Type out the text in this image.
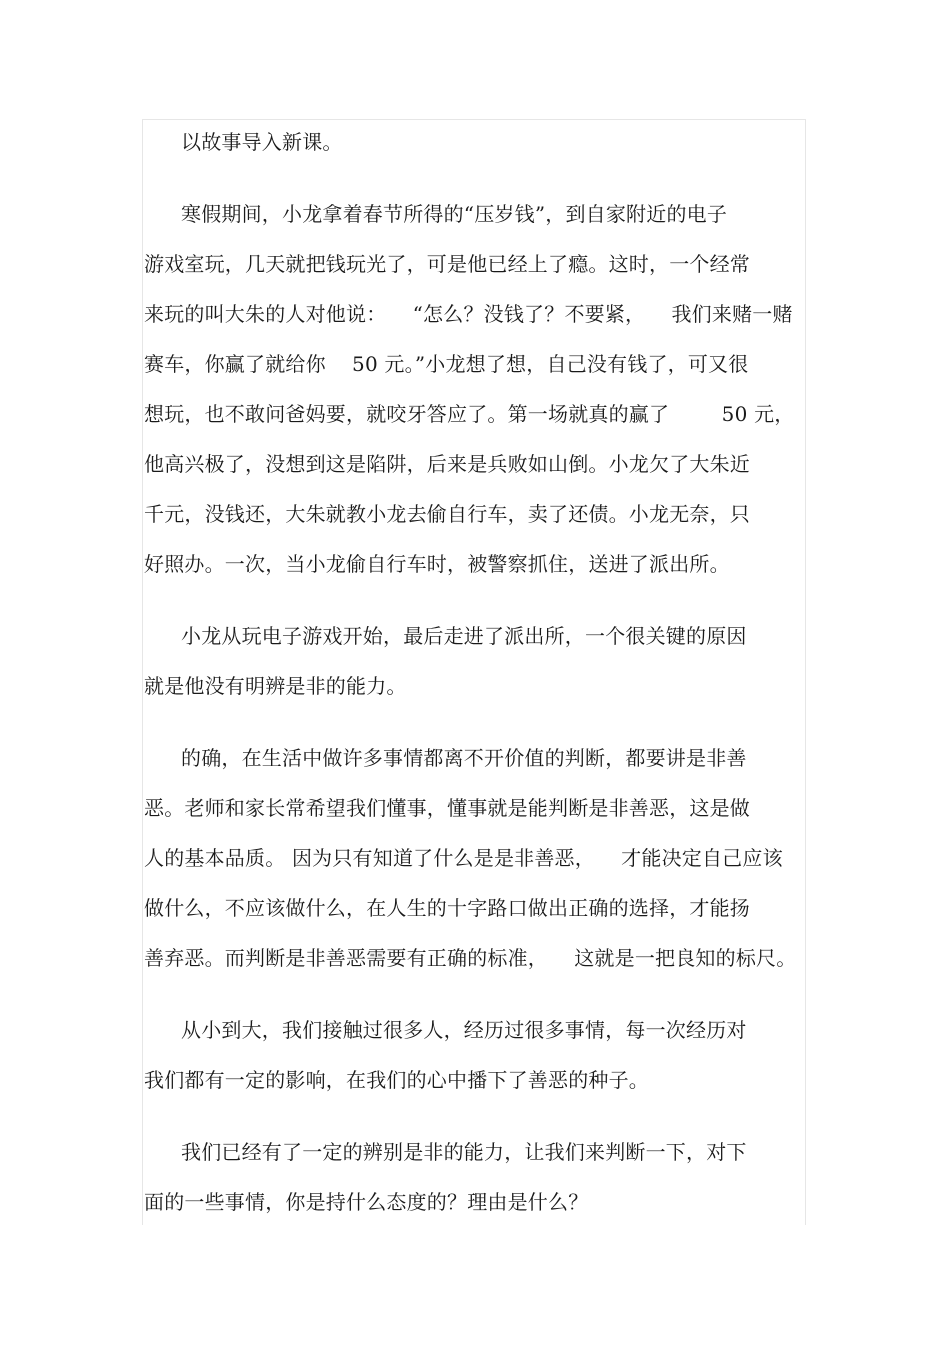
以故事导入新课。
寒假期间，小龙拿着春节所得的“压岁钱”，到自家附近的电子
游戏室玩，几天就把钱玩光了，可是他已经上了瘾。这时，一个经常
来玩的叫大朱的人对他说：    “怎么？没钱了？不要紧，    我们来赌一赌
赛车，你赢了就给你    50 元。”小龙想了想，自己没有钱了，可又很
想玩，也不敢问爸妈要，就咬牙答应了。第一场就真的赢了        50 元，
他高兴极了，没想到这是陷阱，后来是兵败如山倒。小龙欠了大朱近
千元，没钱还，大朱就教小龙去偷自行车，卖了还债。小龙无奈，只
好照办。一次，当小龙偷自行车时，被警察抓住，送进了派出所。
小龙从玩电子游戏开始，最后走进了派出所，一个很关键的原因
就是他没有明辨是非的能力。
的确，在生活中做许多事情都离不开价值的判断，都要讲是非善
恶。老师和家长常希望我们懂事，懂事就是能判断是非善恶，这是做
人的基本品质。 因为只有知道了什么是是非善恶，    才能决定自己应该
做什么，不应该做什么，在人生的十字路口做出正确的选择，才能扬
善弃恶。而判断是非善恶需要有正确的标准，    这就是一把良知的标尺。
从小到大，我们接触过很多人，经历过很多事情，每一次经历对
我们都有一定的影响，在我们的心中播下了善恶的种子。
我们已经有了一定的辨别是非的能力，让我们来判断一下，对下
面的一些事情，你是持什么态度的？理由是什么？
